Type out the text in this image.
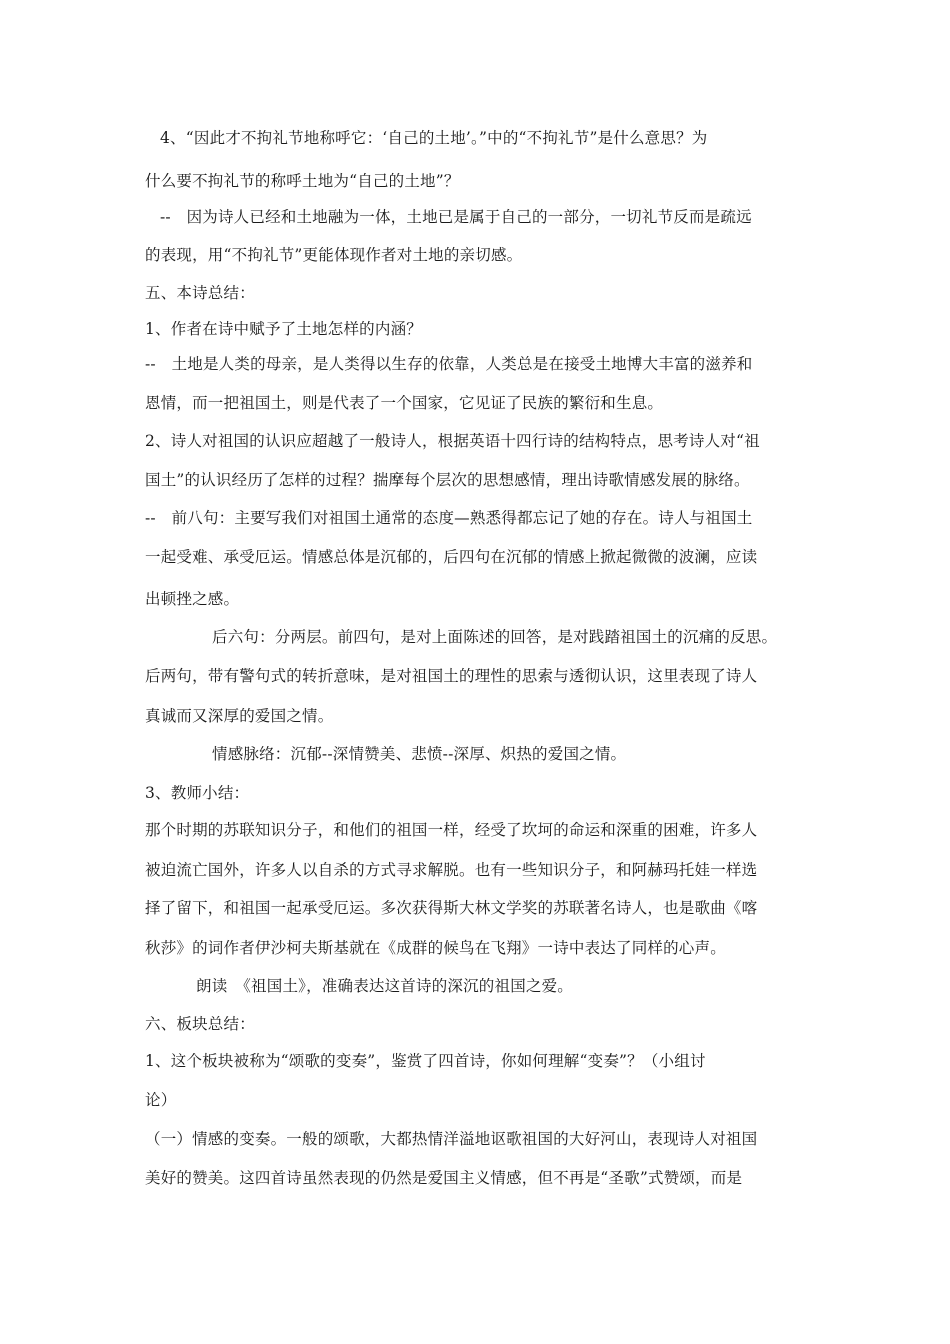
4、“因此才不拘礼节地称呼它：‘自己的土地’。”中的“不拘礼节”是什么意思？为
什么要不拘礼节的称呼土地为“自己的土地”？
--　因为诗人已经和土地融为一体，土地已是属于自己的一部分，一切礼节反而是疏远
的表现，用“不拘礼节”更能体现作者对土地的亲切感。
五、本诗总结：
1、作者在诗中赋予了土地怎样的内涵？
--　土地是人类的母亲，是人类得以生存的依靠，人类总是在接受土地博大丰富的滋养和
恩情，而一把祖国土，则是代表了一个国家，它见证了民族的繁衍和生息。
2、诗人对祖国的认识应超越了一般诗人，根据英语十四行诗的结构特点，思考诗人对“祖
国土”的认识经历了怎样的过程？揣摩每个层次的思想感情，理出诗歌情感发展的脉络。
--　前八句：主要写我们对祖国土通常的态度—熟悉得都忘记了她的存在。诗人与祖国土
一起受难、承受厄运。情感总体是沉郁的，后四句在沉郁的情感上掀起微微的波澜，应读
出顿挫之感。
后六句：分两层。前四句，是对上面陈述的回答，是对践踏祖国土的沉痛的反思。
后两句，带有警句式的转折意味，是对祖国土的理性的思索与透彻认识，这里表现了诗人
真诚而又深厚的爱国之情。
情感脉络：沉郁--深情赞美、悲愤--深厚、炽热的爱国之情。
3、教师小结：
那个时期的苏联知识分子，和他们的祖国一样，经受了坎坷的命运和深重的困难，许多人
被迫流亡国外，许多人以自杀的方式寻求解脱。也有一些知识分子，和阿赫玛托娃一样选
择了留下，和祖国一起承受厄运。多次获得斯大林文学奖的苏联著名诗人，也是歌曲《喀
秋莎》的词作者伊沙柯夫斯基就在《成群的候鸟在飞翔》一诗中表达了同样的心声。
朗读　《祖国土》，准确表达这首诗的深沉的祖国之爱。
六、板块总结：
1、这个板块被称为“颂歌的变奏”，鉴赏了四首诗，你如何理解“变奏”？（小组讨
论）
（一）情感的变奏。一般的颂歌，大都热情洋溢地讴歌祖国的大好河山，表现诗人对祖国
美好的赞美。这四首诗虽然表现的仍然是爱国主义情感，但不再是“圣歌”式赞颂，而是
